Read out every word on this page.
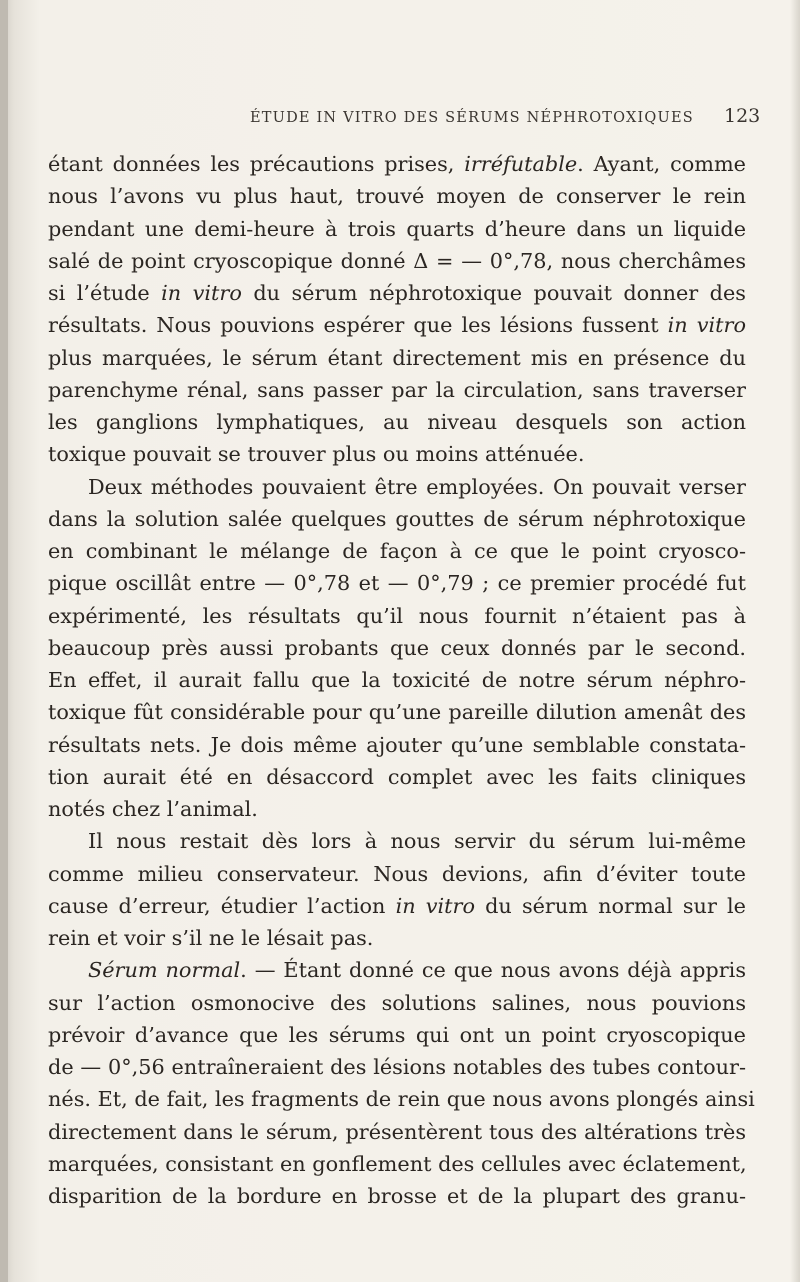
ÉTUDE IN VITRO DES SÉRUMS NÉPHROTOXIQUES 123
étant données les précautions prises, irréfutable. Ayant, comme
nous l’avons vu plus haut, trouvé moyen de conserver le rein
pendant une demi-heure à trois quarts d’heure dans un liquide
salé de point cryoscopique donné Δ = — 0°,78, nous cherchâmes
si l’étude in vitro du sérum néphrotoxique pouvait donner des
résultats. Nous pouvions espérer que les lésions fussent in vitro
plus marquées, le sérum étant directement mis en présence du
parenchyme rénal, sans passer par la circulation, sans traverser
les ganglions lymphatiques, au niveau desquels son action
toxique pouvait se trouver plus ou moins atténuée.
Deux méthodes pouvaient être employées. On pouvait verser
dans la solution salée quelques gouttes de sérum néphrotoxique
en combinant le mélange de façon à ce que le point cryosco-
pique oscillât entre — 0°,78 et — 0°,79 ; ce premier procédé fut
expérimenté, les résultats qu’il nous fournit n’étaient pas à
beaucoup près aussi probants que ceux donnés par le second.
En effet, il aurait fallu que la toxicité de notre sérum néphro-
toxique fût considérable pour qu’une pareille dilution amenât des
résultats nets. Je dois même ajouter qu’une semblable constata-
tion aurait été en désaccord complet avec les faits cliniques
notés chez l’animal.
Il nous restait dès lors à nous servir du sérum lui-même
comme milieu conservateur. Nous devions, afin d’éviter toute
cause d’erreur, étudier l’action in vitro du sérum normal sur le
rein et voir s’il ne le lésait pas.
Sérum normal. — Étant donné ce que nous avons déjà appris
sur l’action osmonocive des solutions salines, nous pouvions
prévoir d’avance que les sérums qui ont un point cryoscopique
de — 0°,56 entraîneraient des lésions notables des tubes contour-
nés. Et, de fait, les fragments de rein que nous avons plongés ainsi
directement dans le sérum, présentèrent tous des altérations très
marquées, consistant en gonflement des cellules avec éclatement,
disparition de la bordure en brosse et de la plupart des granu-
